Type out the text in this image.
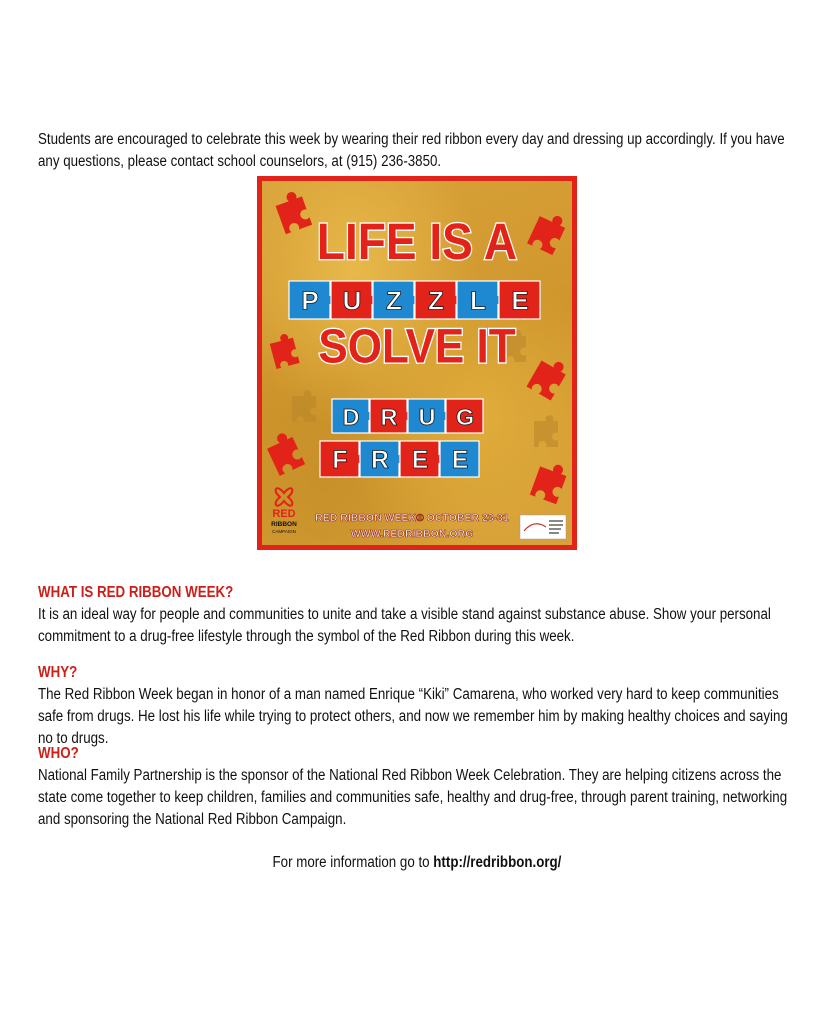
Students are encouraged to celebrate this week by wearing their red ribbon every day and dressing up accordingly. If you have any questions, please contact school counselors, at (915) 236-3850.

LIFE IS A
P U Z Z L E
SOLVE IT
D R U G
F R E E
RED
RIBBON
CAMPAIGN
RED RIBBON WEEK® OCTOBER 23-31
WWW.REDRIBBON.ORG
WHAT IS RED RIBBON WEEK?

It is an ideal way for people and communities to unite and take a visible stand against substance abuse. Show your personal commitment to a drug-free lifestyle through the symbol of the Red Ribbon during this week.

WHY?

The Red Ribbon Week began in honor of a man named Enrique “Kiki” Camarena, who worked very hard to keep communities safe from drugs. He lost his life while trying to protect others, and now we remember him by making healthy choices and saying no to drugs.

WHO?

National Family Partnership is the sponsor of the National Red Ribbon Week Celebration. They are helping citizens across the state come together to keep children, families and communities safe, healthy and drug-free, through parent training, networking and sponsoring the National Red Ribbon Campaign.

For more information go to http://redribbon.org/
